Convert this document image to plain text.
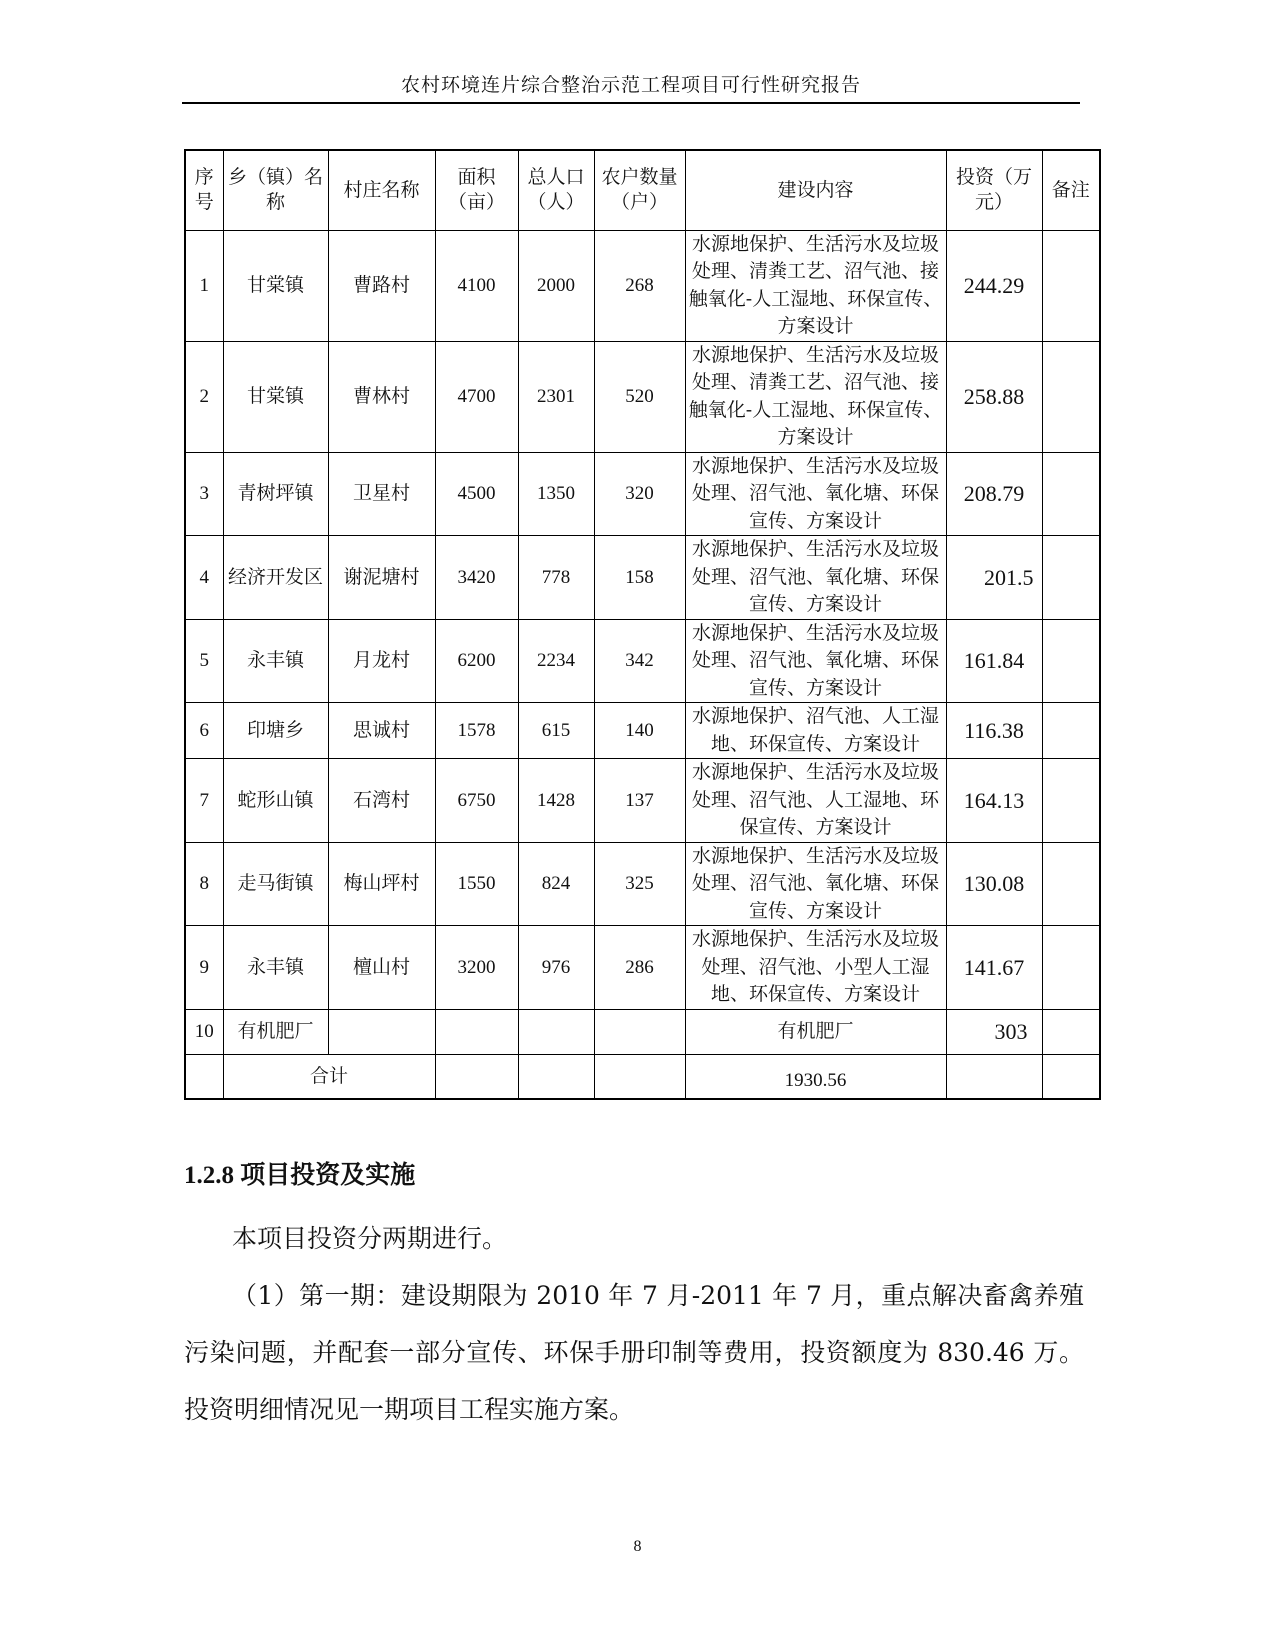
农村环境连片综合整治示范工程项目可行性研究报告
序号	乡（镇）名称	村庄名称	面积（亩）	总人口（人）	农户数量（户）	建设内容	投资（万元）	备注
1	甘棠镇	曹路村	4100	2000	268	水源地保护、生活污水及垃圾处理、清粪工艺、沼气池、接触氧化-人工湿地、环保宣传、方案设计	244.29	
2	甘棠镇	曹林村	4700	2301	520	水源地保护、生活污水及垃圾处理、清粪工艺、沼气池、接触氧化-人工湿地、环保宣传、方案设计	258.88	
3	青树坪镇	卫星村	4500	1350	320	水源地保护、生活污水及垃圾处理、沼气池、氧化塘、环保宣传、方案设计	208.79	
4	经济开发区	谢泥塘村	3420	778	158	水源地保护、生活污水及垃圾处理、沼气池、氧化塘、环保宣传、方案设计	201.5	
5	永丰镇	月龙村	6200	2234	342	水源地保护、生活污水及垃圾处理、沼气池、氧化塘、环保宣传、方案设计	161.84	
6	印塘乡	思诚村	1578	615	140	水源地保护、沼气池、人工湿地、环保宣传、方案设计	116.38	
7	蛇形山镇	石湾村	6750	1428	137	水源地保护、生活污水及垃圾处理、沼气池、人工湿地、环保宣传、方案设计	164.13	
8	走马街镇	梅山坪村	1550	824	325	水源地保护、生活污水及垃圾处理、沼气池、氧化塘、环保宣传、方案设计	130.08	
9	永丰镇	檀山村	3200	976	286	水源地保护、生活污水及垃圾处理、沼气池、小型人工湿地、环保宣传、方案设计	141.67	
10	有机肥厂					有机肥厂	303	
	合计					1930.56		
1.2.8 项目投资及实施
本项目投资分两期进行。
（1）第一期：建设期限为 2010 年 7 月-2011 年 7 月，重点解决畜禽养殖污染问题，并配套一部分宣传、环保手册印制等费用，投资额度为 830.46 万。投资明细情况见一期项目工程实施方案。
8
